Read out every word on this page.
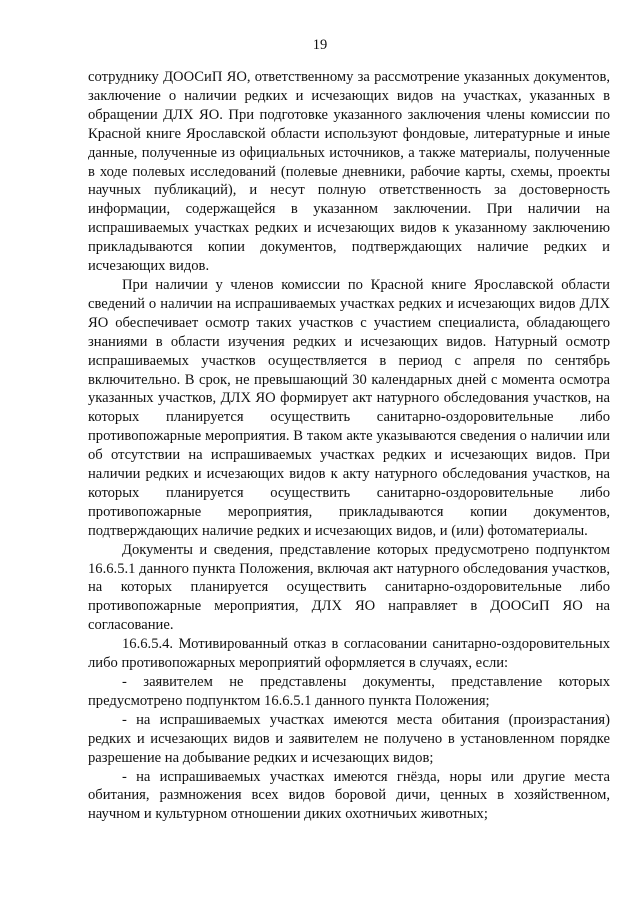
19

сотруднику ДООСиП ЯО, ответственному за рассмотрение указанных документов, заключение о наличии редких и исчезающих видов на участках, указанных в обращении ДЛХ ЯО. При подготовке указанного заключения члены комиссии по Красной книге Ярославской области используют фондовые, литературные и иные данные, полученные из официальных источников, а также материалы, полученные в ходе полевых исследований (полевые дневники, рабочие карты, схемы, проекты научных публикаций), и несут полную ответственность за достоверность информации, содержащейся в указанном заключении. При наличии на испрашиваемых участках редких и исчезающих видов к указанному заключению прикладываются копии документов, подтверждающих наличие редких и исчезающих видов.

При наличии у членов комиссии по Красной книге Ярославской области сведений о наличии на испрашиваемых участках редких и исчезающих видов ДЛХ ЯО обеспечивает осмотр таких участков с участием специалиста, обладающего знаниями в области изучения редких и исчезающих видов. Натурный осмотр испрашиваемых участков осуществляется в период с апреля по сентябрь включительно. В срок, не превышающий 30 календарных дней с момента осмотра указанных участков, ДЛХ ЯО формирует акт натурного обследования участков, на которых планируется осуществить санитарно-оздоровительные либо противопожарные мероприятия. В таком акте указываются сведения о наличии или об отсутствии на испрашиваемых участках редких и исчезающих видов. При наличии редких и исчезающих видов к акту натурного обследования участков, на которых планируется осуществить санитарно-оздоровительные либо противопожарные мероприятия, прикладываются копии документов, подтверждающих наличие редких и исчезающих видов, и (или) фотоматериалы.

Документы и сведения, представление которых предусмотрено подпунктом 16.6.5.1 данного пункта Положения, включая акт натурного обследования участков, на которых планируется осуществить санитарно-оздоровительные либо противопожарные мероприятия, ДЛХ ЯО направляет в ДООСиП ЯО на согласование.

16.6.5.4. Мотивированный отказ в согласовании санитарно-оздоровительных либо противопожарных мероприятий оформляется в случаях, если:

- заявителем не представлены документы, представление которых предусмотрено подпунктом 16.6.5.1 данного пункта Положения;

- на испрашиваемых участках имеются места обитания (произрастания) редких и исчезающих видов и заявителем не получено в установленном порядке разрешение на добывание редких и исчезающих видов;

- на испрашиваемых участках имеются гнёзда, норы или другие места обитания, размножения всех видов боровой дичи, ценных в хозяйственном, научном и культурном отношении диких охотничьих животных;
